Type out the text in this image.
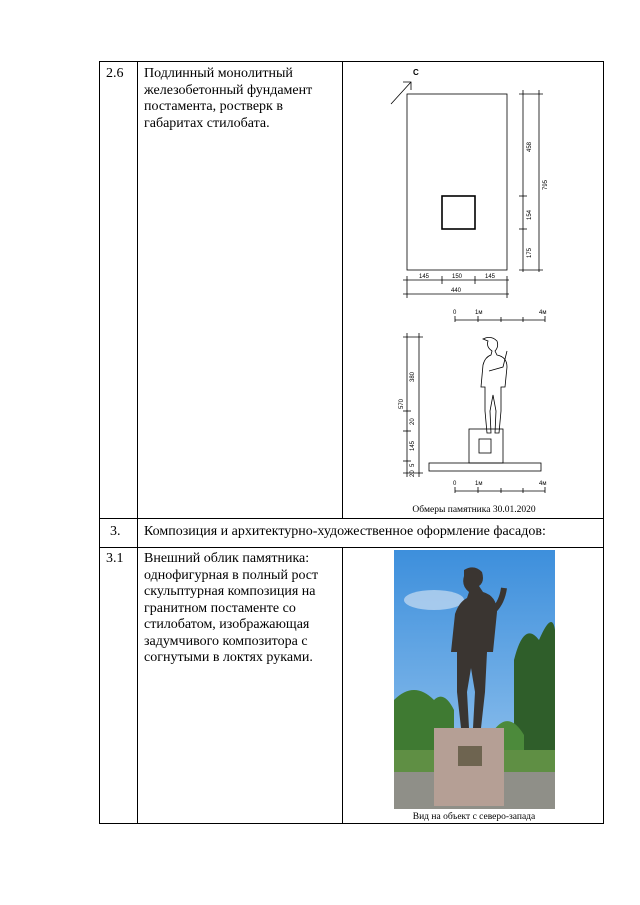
2.6 Подлинный монолитный железобетонный фундамент постамента, ростверк в габаритах стилобата.
С
458
795
154
175
145	150	145
440
0	1м	4м
380
570
20
145
5
20
0	1м	4м
Обмеры памятника 30.01.2020
3. Композиция и архитектурно-художественное оформление фасадов:
3.1 Внешний облик памятника: однофигурная в полный рост скульптурная композиция на гранитном постаменте со стилобатом, изображающая задумчивого композитора с согнутыми в локтях руками.
Вид на объект с северо-запада
